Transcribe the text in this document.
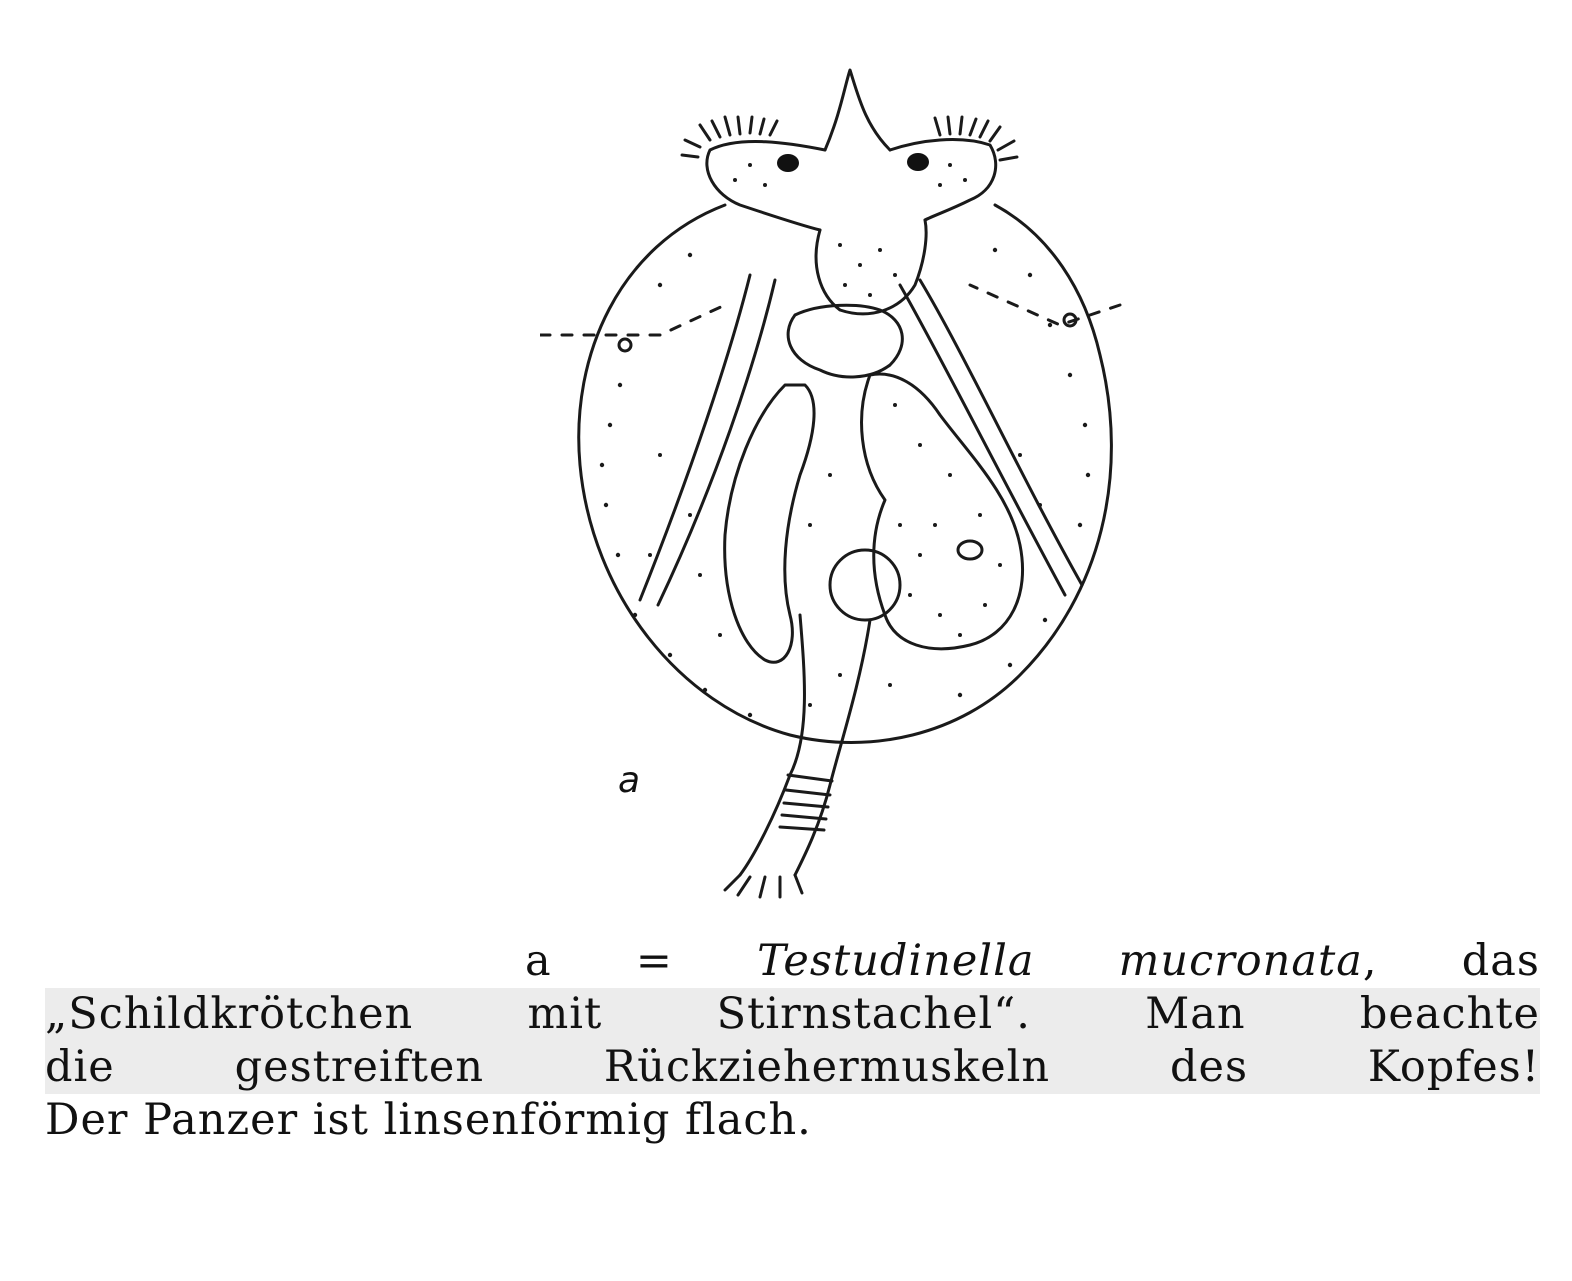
a
a = Testudinella mucronata, das
„Schildkrötchen mit Stirnstachel“. Man beachte
die gestreiften Rückziehermuskeln des Kopfes!
Der Panzer ist linsenförmig flach.
